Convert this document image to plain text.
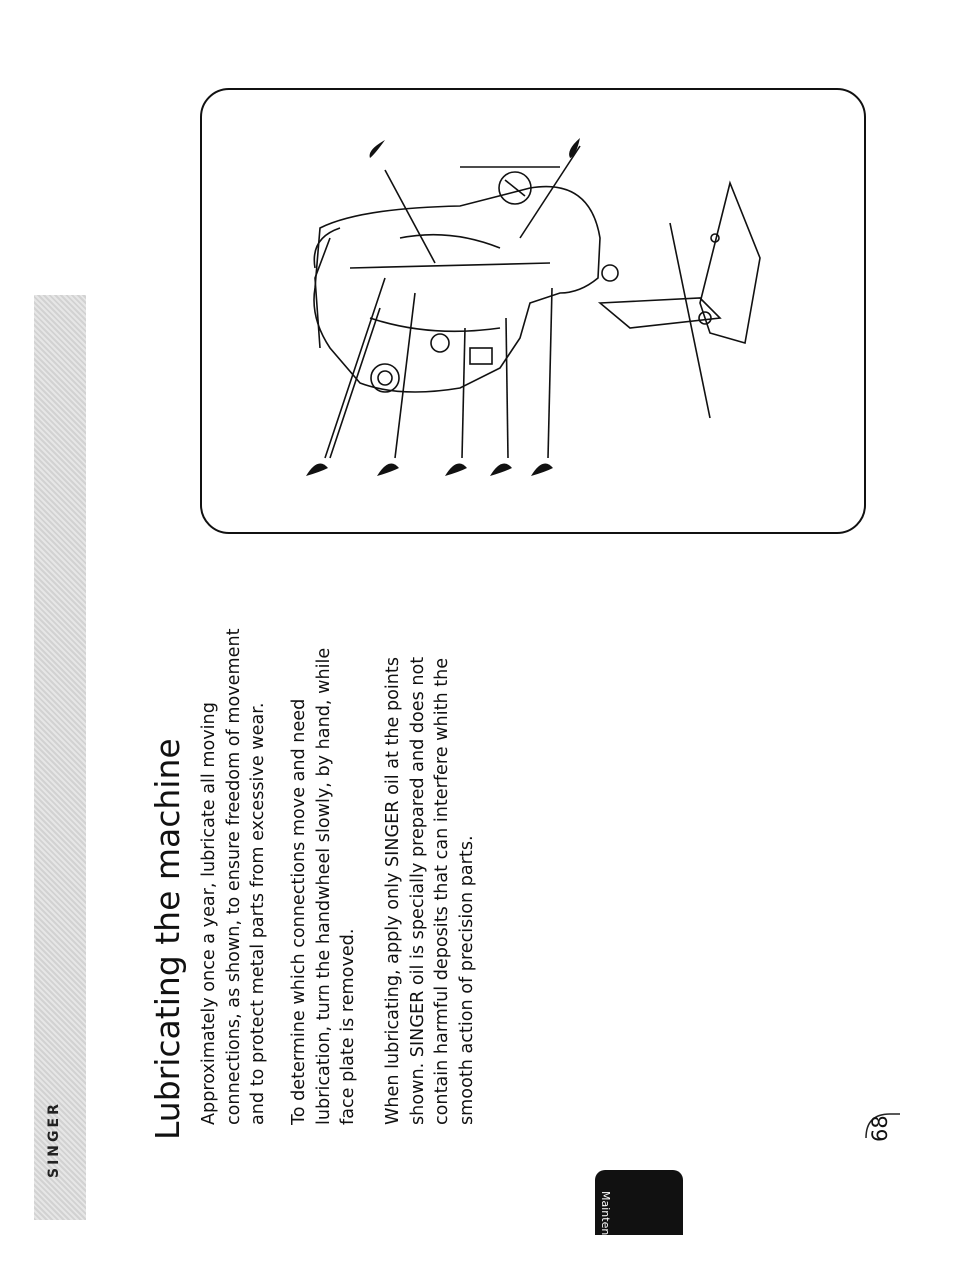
SINGER	Lubricating the machine Approximately once a year, lubricate all moving connections, as shown, to ensure freedom of movement and to protect metal parts from excessive wear. To determine which connections move and need lubrication, turn the handwheel slowly, by hand, while face plate is removed. When lubricating, apply only SINGER oil at the points shown. SINGER oil is specially prepared and does not contain harmful deposits that can interfere whith the smooth action of precision parts.
68
Maintenance
